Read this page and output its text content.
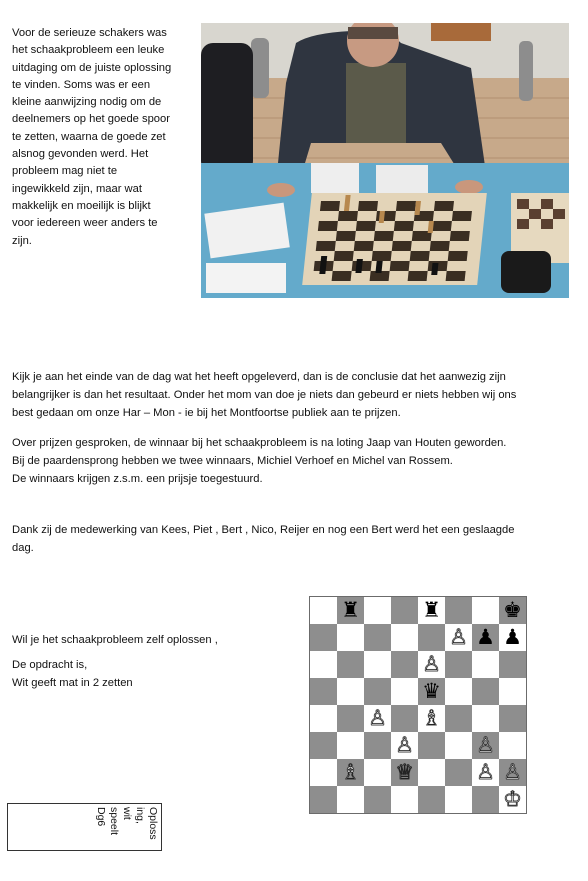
Voor de serieuze schakers was
het schaakprobleem een leuke
uitdaging om de juiste oplossing
te vinden. Soms was er een
kleine aanwijzing nodig om de
deelnemers op het goede spoor
te zetten, waarna de goede zet
alsnog gevonden werd. Het
probleem mag niet te
ingewikkeld zijn, maar wat
makkelijk en moeilijk is blijkt
voor iedereen weer anders te
zijn.
Kijk je aan het einde van de dag wat het heeft opgeleverd, dan is de conclusie dat het aanwezig zijn
belangrijker is dan het resultaat. Onder het mom van doe je niets dan gebeurd er niets hebben wij ons
best gedaan om onze Har – Mon - ie bij het Montfoortse publiek aan te prijzen.
Over prijzen gesproken, de winnaar bij het schaakprobleem is na loting Jaap van Houten geworden.
Bij de paardensprong hebben we twee winnaars, Michiel Verhoef en Michel van Rossem.
De winnaars krijgen z.s.m. een prijsje toegestuurd.
Dank zij de medewerking van Kees, Piet , Bert , Nico, Reijer en nog een Bert werd het een geslaagde
dag.
Wil je het schaakprobleem zelf oplossen ,
De opdracht is,
Wit geeft mat in 2 zetten
♜	♜	♚
♙ ♟ ♟
♙
♛
♙ ♗
♙	♙
♗ ♕	♙ ♙
♔
Oploss
ing,
wit
speelt
Dg6
